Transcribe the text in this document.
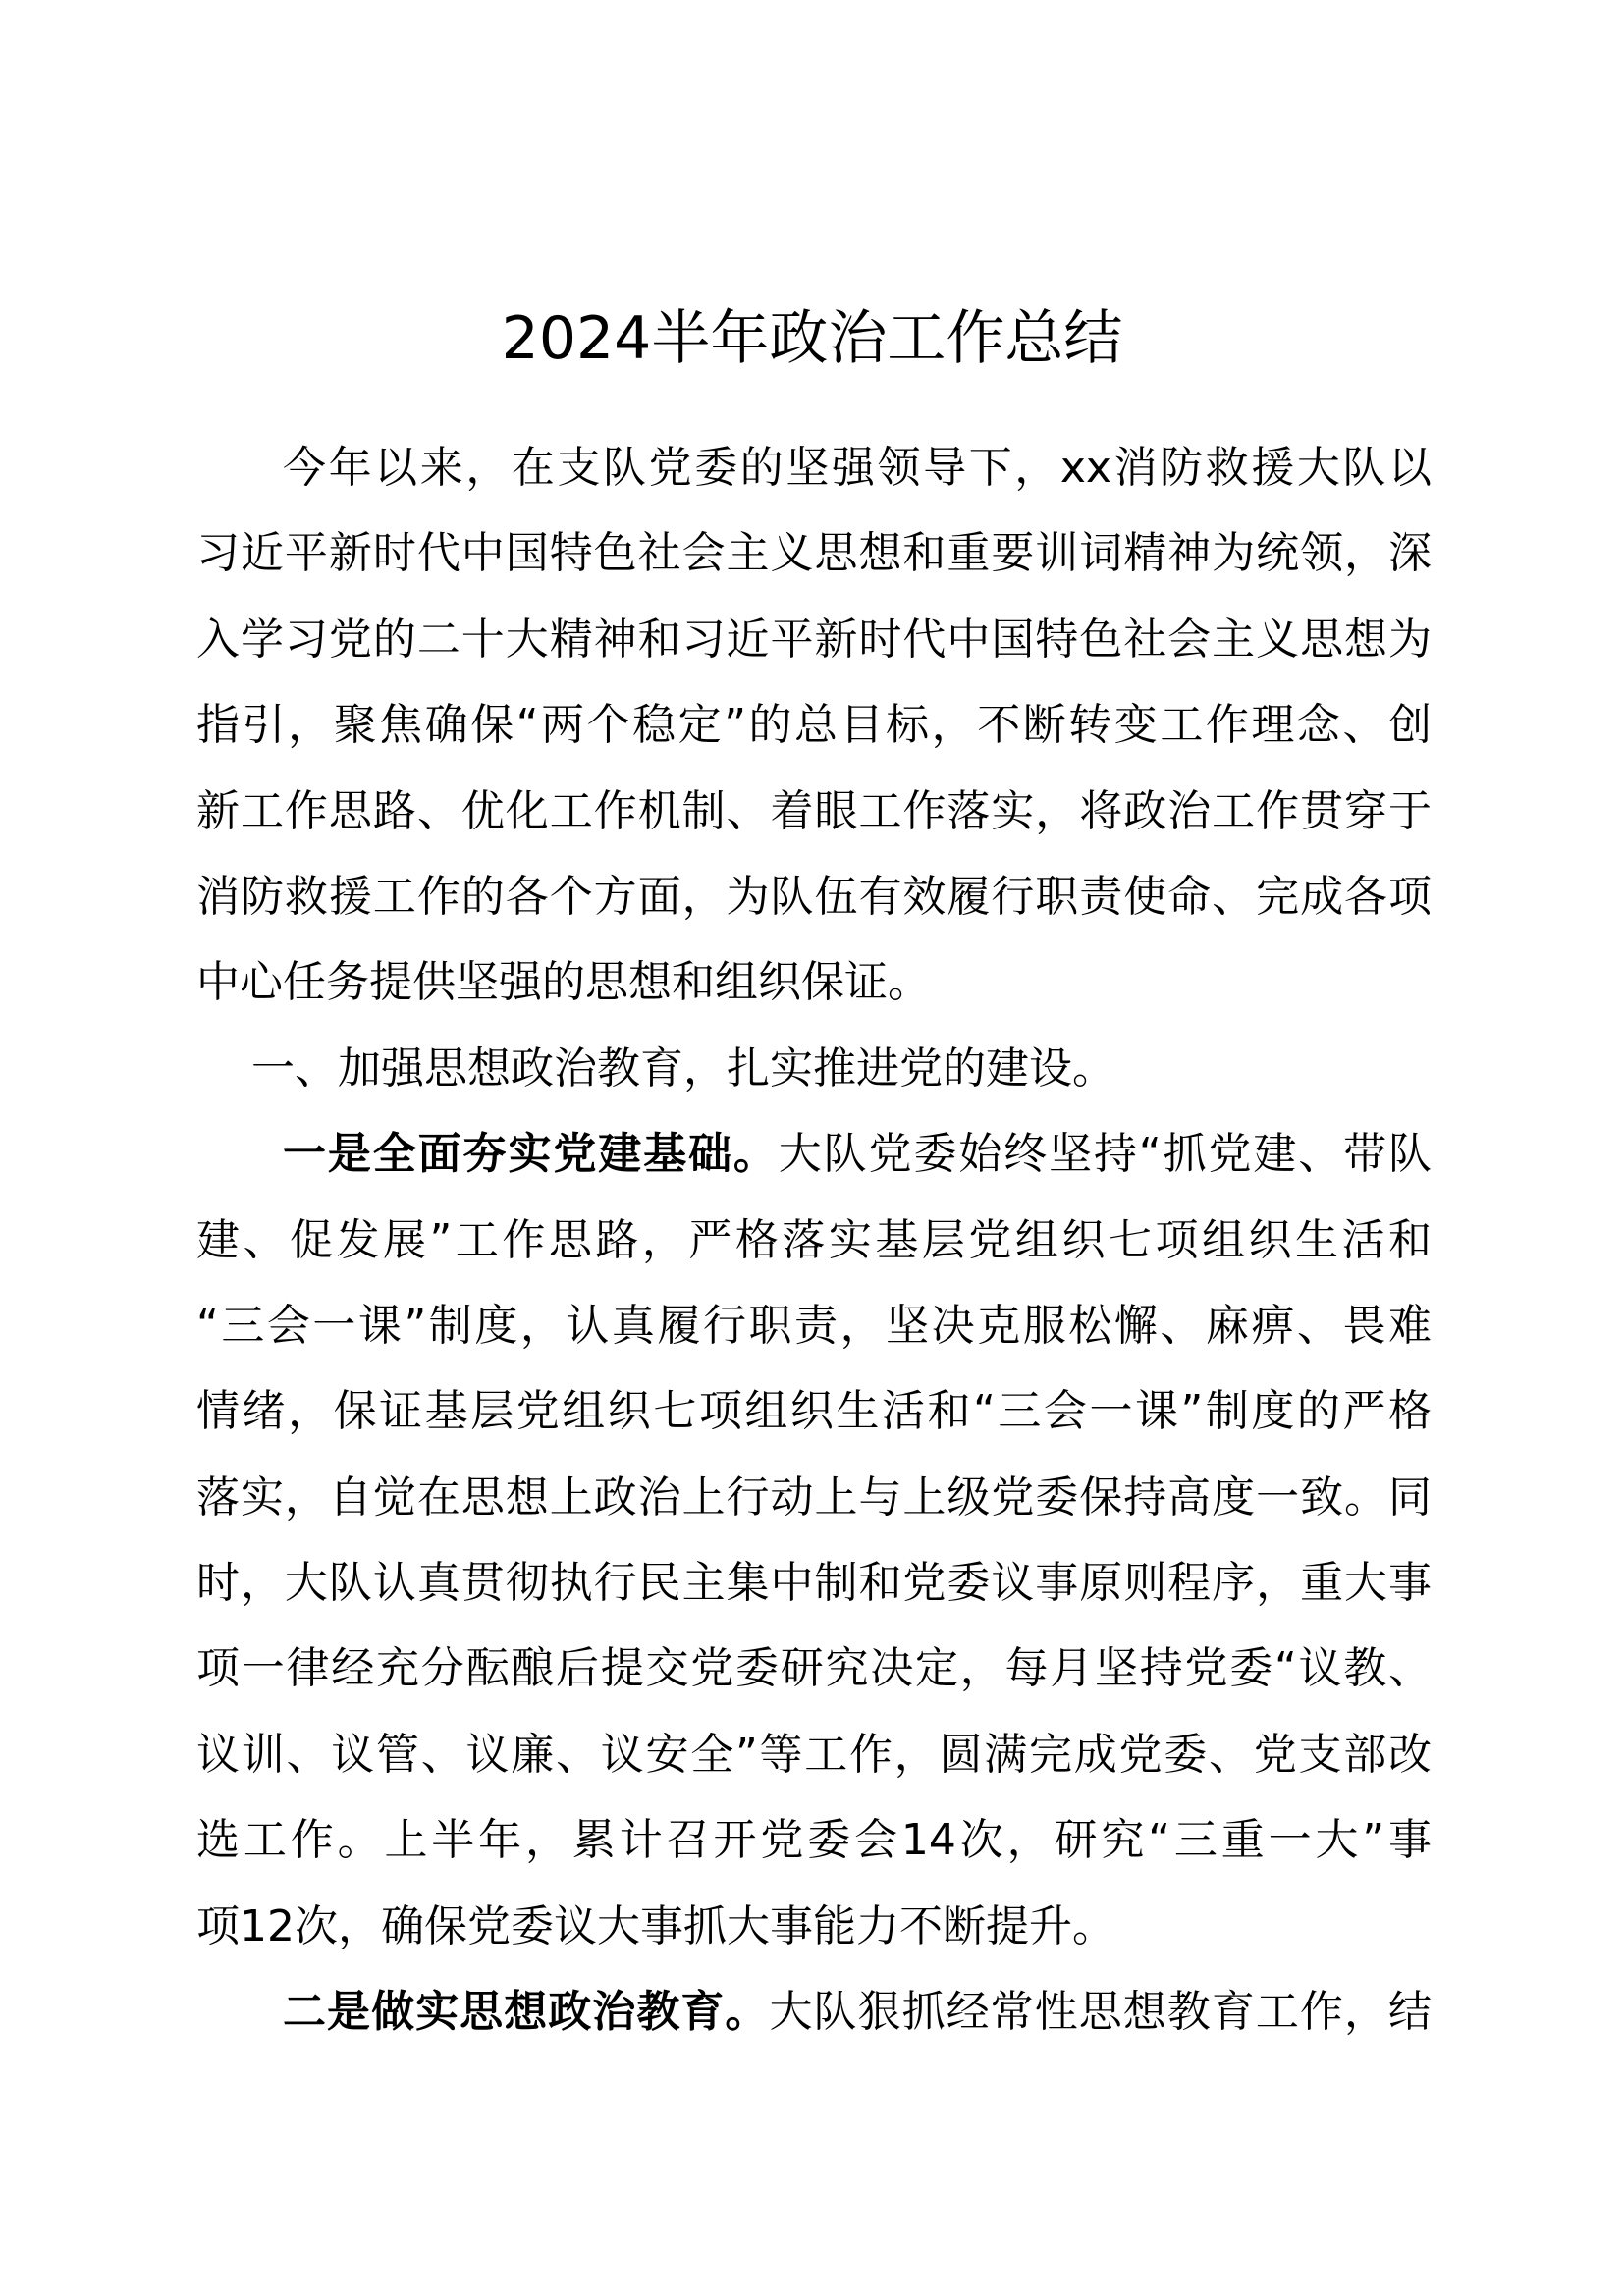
2024半年政治工作总结
今年以来，在支队党委的坚强领导下，xx消防救援大队以
习近平新时代中国特色社会主义思想和重要训词精神为统领，深
入学习党的二十大精神和习近平新时代中国特色社会主义思想为
指引，聚焦确保“两个稳定”的总目标，不断转变工作理念、创
新工作思路、优化工作机制、着眼工作落实，将政治工作贯穿于
消防救援工作的各个方面，为队伍有效履行职责使命、完成各项
中心任务提供坚强的思想和组织保证。
一、加强思想政治教育，扎实推进党的建设。
一是全面夯实党建基础。大队党委始终坚持“抓党建、带队
建、促发展”工作思路，严格落实基层党组织七项组织生活和
“三会一课”制度，认真履行职责，坚决克服松懈、麻痹、畏难
情绪，保证基层党组织七项组织生活和“三会一课”制度的严格
落实，自觉在思想上政治上行动上与上级党委保持高度一致。同
时，大队认真贯彻执行民主集中制和党委议事原则程序，重大事
项一律经充分酝酿后提交党委研究决定，每月坚持党委“议教、
议训、议管、议廉、议安全”等工作，圆满完成党委、党支部改
选工作。上半年，累计召开党委会14次，研究“三重一大”事
项12次，确保党委议大事抓大事能力不断提升。
二是做实思想政治教育。大队狠抓经常性思想教育工作，结
